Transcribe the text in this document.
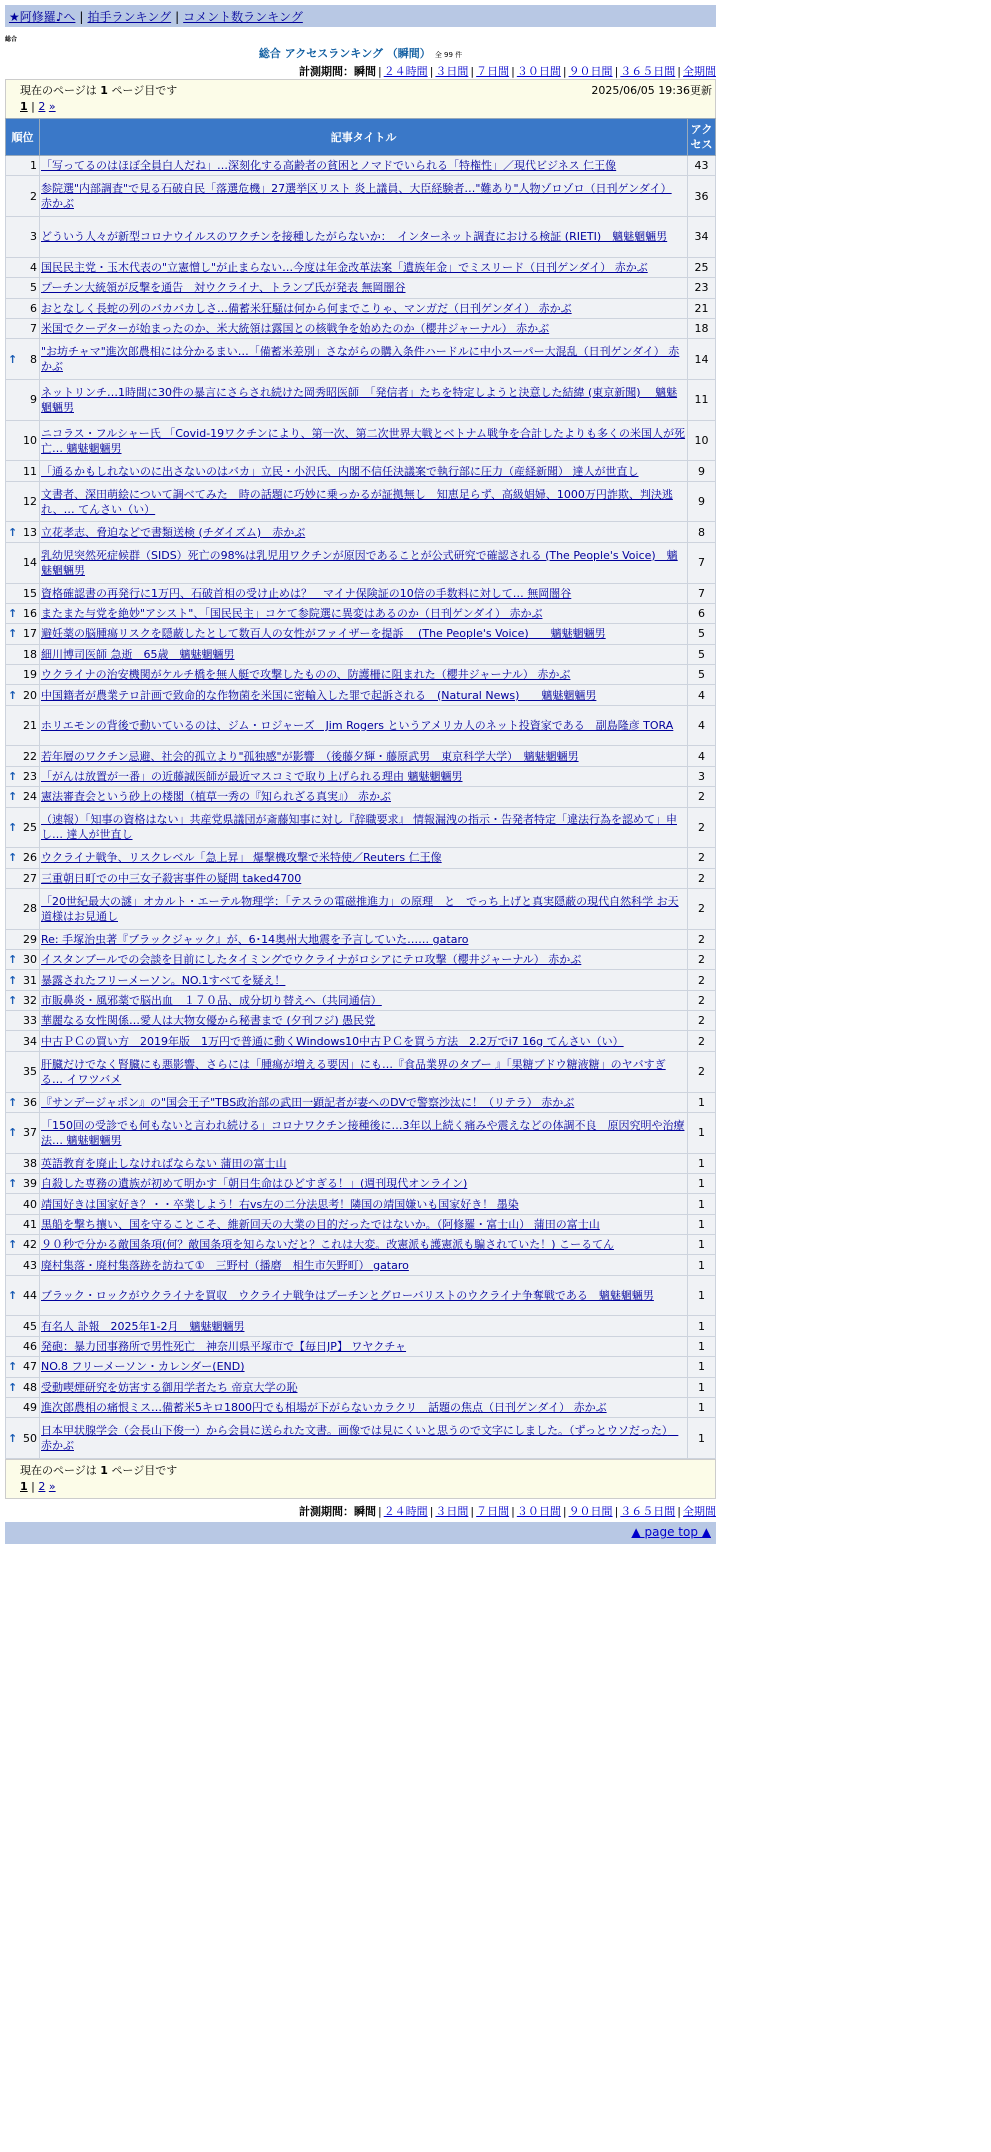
★阿修羅♪へ | 拍手ランキング | コメント数ランキング
総合
総合 アクセスランキング （瞬間） 全 99 件
計測期間：瞬間 | ２４時間 | ３日間 | ７日間 | ３０日間 | ９０日間 | ３６５日間 | 全期間
現在のページは 1 ページ目です	2025/06/05 19:36更新
1 | 2 »
順位	記事タイトル	アクセス
1	「写ってるのはほぼ全員白人だね」…深刻化する高齢者の貧困とノマドでいられる「特権性」／現代ビジネス 仁王像	43
2	参院選"内部調査"で見る石破自民「落選危機」27選挙区リスト 炎上議員、大臣経験者…"難あり"人物ゾロゾロ（日刊ゲンダイ） 赤かぶ	36
3	どういう人々が新型コロナウイルスのワクチンを接種したがらないか：　インターネット調査における検証 (RIETI)　魑魅魍魎男	34
4	国民民主党・玉木代表の"立憲憎し"が止まらない…今度は年金改革法案「遺族年金」でミスリード（日刊ゲンダイ） 赤かぶ	25
5	プーチン大統領が反撃を通告　対ウクライナ、トランプ氏が発表 無岡闇谷	23
6	おとなしく長蛇の列のバカバカしさ…備蓄米狂騒は何から何までこりゃ、マンガだ（日刊ゲンダイ） 赤かぶ	21
7	米国でクーデターが始まったのか、米大統領は露国との核戦争を始めたのか（櫻井ジャーナル） 赤かぶ	18

↑ 8	"お坊チャマ"進次郎農相には分かるまい…「備蓄米差別」さながらの購入条件ハードルに中小スーパー大混乱（日刊ゲンダイ） 赤かぶ	14
9	ネットリンチ…1時間に30件の暴言にさらされ続けた岡秀昭医師　「発信者」たちを特定しようと決意した結緯 (東京新聞)　 魑魅魍魎男	11
10	ニコラス・フルシャー氏 「Covid-19ワクチンにより、第一次、第二次世界大戦とベトナム戦争を合計したよりも多くの米国人が死亡… 魑魅魍魎男	10
11	「通るかもしれないのに出さないのはバカ」立民・小沢氏、内閣不信任決議案で執行部に圧力（産経新聞） 達人が世直し	9
12	文書者、深田萌絵について調べてみた　時の話題に巧妙に乗っかるが証拠無し　知恵足らず、高級娼婦、1000万円詐欺、判決逃れ、… てんさい（い）	9

↑ 13	立花孝志、脅迫などで書類送検 (チダイズム)　赤かぶ	8
14	乳幼児突然死症候群（SIDS）死亡の98%は乳児用ワクチンが原因であることが公式研究で確認される (The People's Voice)　魑魅魍魎男	7
15	資格確認書の再発行に1万円、石破首相の受け止めは？　マイナ保険証の10倍の手数料に対して… 無岡闇谷	7

↑ 16	またまた与党を絶妙"アシスト"、「国民民主」コケて参院選に異変はあるのか（日刊ゲンダイ） 赤かぶ	6

↑ 17	避妊薬の脳腫瘍リスクを隠蔽したとして数百人の女性がファイザーを提訴　 (The People's Voice)　　魑魅魍魎男	5
18	細川博司医師 急逝　65歳　魑魅魍魎男	5
19	ウクライナの治安機関がケルチ橋を無人艇で攻撃したものの、防護柵に阻まれた（櫻井ジャーナル） 赤かぶ	5

↑ 20	中国籍者が農業テロ計画で致命的な作物菌を米国に密輸入した罪で起訴される　(Natural News)　　魑魅魍魎男	4
21	ホリエモンの背後で動いているのは、ジム・ロジャーズ　Jim Rogers というアメリカ人のネット投資家である　副島隆彦 TORA	4
22	若年層のワクチン忌避、社会的孤立より"孤独感"が影響　（後藤夕輝・藤原武男　東京科学大学）　魑魅魍魎男	4

↑ 23	「がんは放置が一番」の近藤誠医師が最近マスコミで取り上げられる理由 魑魅魍魎男	3

↑ 24	憲法審査会という砂上の楼閣（植草一秀の『知られざる真実』） 赤かぶ	2

↑ 25	（速報）「知事の資格はない」共産党県議団が斎藤知事に対し『辞職要求』 情報漏洩の指示・告発者特定「違法行為を認めて」申し… 達人が世直し	2

↑ 26	ウクライナ戦争、リスクレベル「急上昇」 爆撃機攻撃で米特使／Reuters 仁王像	2
27	三重朝日町での中三女子殺害事件の疑問 taked4700	2
28	「20世紀最大の謎」オカルト・エーテル物理学：「テスラの電磁推進力」の原理　と　でっち上げと真実隠蔽の現代自然科学 お天道様はお見通し	2
29	Re: 手塚治虫著『ブラックジャック』が、6･14奥州大地震を予言していた…… gataro	2

↑ 30	イスタンブールでの会談を目前にしたタイミングでウクライナがロシアにテロ攻撃（櫻井ジャーナル） 赤かぶ	2

↑ 31	暴露されたフリーメーソン。NO.1すべてを疑え！	2

↑ 32	市販鼻炎・風邪薬で脳出血　１７０品、成分切り替えへ（共同通信）	2
33	華麗なる女性関係…愛人は大物女優から秘書まで (夕刊フジ) 愚民党	2
34	中古ＰＣの買い方　2019年版　1万円で普通に動くWindows10中古ＰＣを買う方法　2.2万でi7 16g てんさい（い）	2
35	肝臓だけでなく腎臓にも悪影響、さらには「腫瘍が増える要因」にも…『食品業界のタブー 』「果糖ブドウ糖液糖」のヤバすぎる… イワツバメ	2

↑ 36	『サンデージャポン』の"国会王子"TBS政治部の武田一顕記者が妻へのDVで警察沙汰に！（リテラ） 赤かぶ	1

↑ 37	「150回の受診でも何もないと言われ続ける」コロナワクチン接種後に…3年以上続く痛みや震えなどの体調不良　原因究明や治療法… 魑魅魍魎男	1
38	英語教育を廃止しなければならない 蒲田の富士山	1

↑ 39	自殺した専務の遺族が初めて明かす「朝日生命はひどすぎる！」(週刊現代オンライン)	1
40	靖国好きは国家好き？・・卒業しよう！右vs左の二分法思考！隣国の靖国嫌いも国家好き！ 墨染	1
41	黒船を撃ち攘い、国を守ることこそ、維新回天の大業の目的だったではないか。（阿修羅・富士山） 蒲田の富士山	1

↑ 42	９０秒で分かる敵国条項(何？敵国条項を知らないだと？これは大変。改憲派も護憲派も騙されていた！) こーるてん	1
43	廃村集落・廃村集落跡を訪ねて①　三野村（播磨　相生市矢野町） gataro	1

↑ 44	ブラック・ロックがウクライナを買収　ウクライナ戦争はプーチンとグローバリストのウクライナ争奪戦である　魑魅魍魎男	1
45	有名人 訃報　2025年1-2月　魑魅魍魎男	1
46	発砲：暴力団事務所で男性死亡　神奈川県平塚市で【毎日JP】 ワヤクチャ	1

↑ 47	NO.8 フリーメーソン・カレンダー(END)	1

↑ 48	受動喫煙研究を妨害する御用学者たち 帝京大学の恥	1
49	進次郎農相の痛恨ミス…備蓄米5キロ1800円でも相場が下がらないカラクリ　話題の焦点（日刊ゲンダイ） 赤かぶ	1

↑ 50	日本甲状腺学会（会長山下俊一）から会員に送られた文書。画像では見にくいと思うので文字にしました。（ずっとウソだった）　赤かぶ	1
現在のページは 1 ページ目です
1 | 2 »
計測期間：瞬間 | ２４時間 | ３日間 | ７日間 | ３０日間 | ９０日間 | ３６５日間 | 全期間
▲ page top ▲
